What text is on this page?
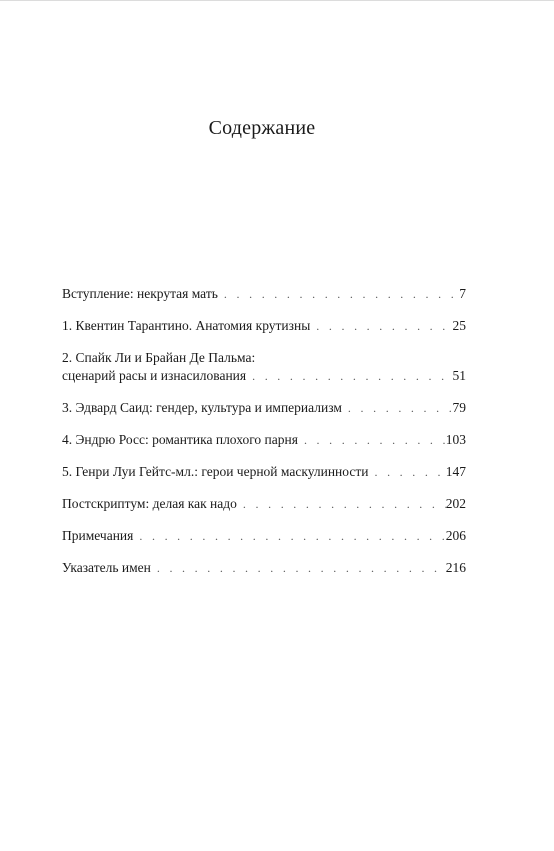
Содержание
Вступление: некрутая мать . . .	7
1. Квентин Тарантино. Анатомия крутизны . . .	25
2. Спайк Ли и Брайан Де Пальма:
сценарий расы и изнасилования . . .	51
3. Эдвард Саид: гендер, культура и империализм . . .	79
4. Эндрю Росс: романтика плохого парня . . .	103
5. Генри Луи Гейтс-мл.: герои черной маскулинности . . .	147
Постскриптум: делая как надо . . .	202
Примечания . . .	206
Указатель имен . . .	216
